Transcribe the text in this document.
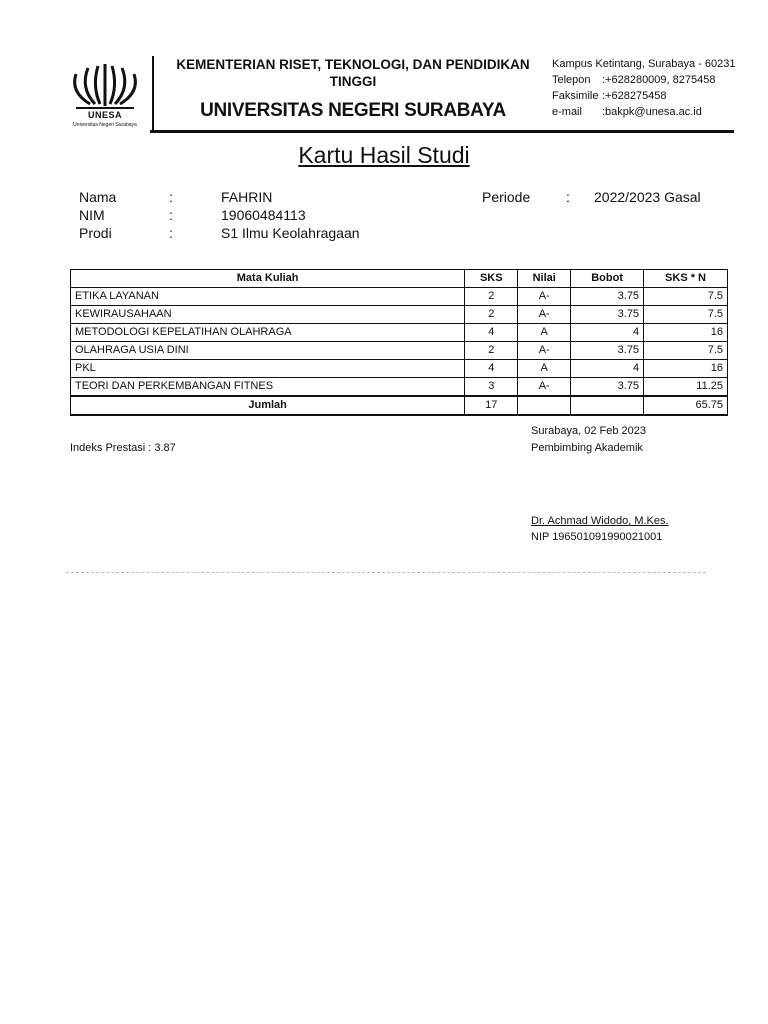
UNESA
Universitas Negeri Surabaya
KEMENTERIAN RISET, TEKNOLOGI, DAN PENDIDIKAN TINGGI
UNIVERSITAS NEGERI SURABAYA
Kampus Ketintang, Surabaya - 60231
Telepon	:+628280009, 8275458
Faksimile :+628275458
e-mail	:bakpk@unesa.ac.id
Kartu Hasil Studi
Nama	:	FAHRIN
NIM	:	19060484113
Prodi	:	S1 Ilmu Keolahragaan
Periode	:	2022/2023 Gasal
Mata Kuliah	SKS	Nilai	Bobot	SKS * N
ETIKA LAYANAN	2	A-	3.75	7.5
KEWIRAUSAHAAN	2	A-	3.75	7.5
METODOLOGI KEPELATIHAN OLAHRAGA	4	A	4	16
OLAHRAGA USIA DINI	2	A-	3.75	7.5
PKL	4	A	4	16
TEORI DAN PERKEMBANGAN FITNES	3	A-	3.75	11.25
Jumlah	17			65.75
Indeks Prestasi : 3.87
Surabaya, 02 Feb 2023
Pembimbing Akademik
Dr. Achmad Widodo, M.Kes.
NIP 196501091990021001
